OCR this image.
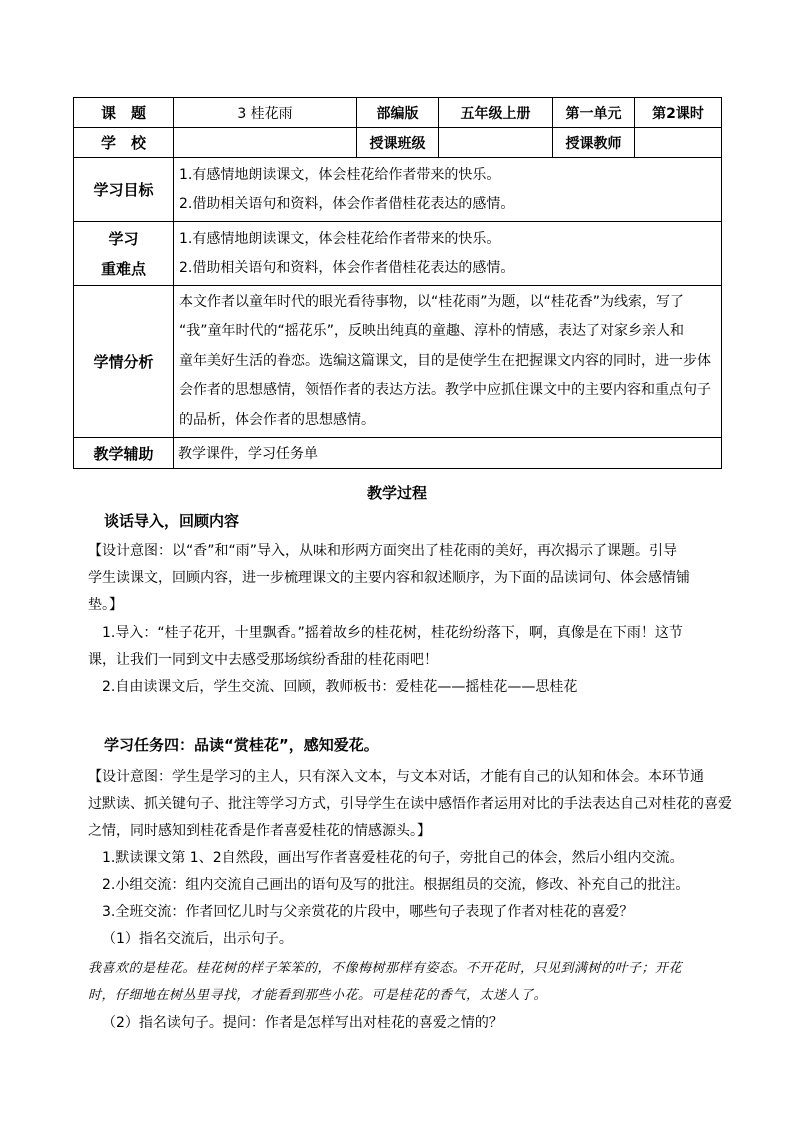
课　题	3 桂花雨	部编版	五年级上册	第一单元	第2课时
学　校		授课班级		授课教师	
学习目标	1.有感情地朗读课文，体会桂花给作者带来的快乐。
2.借助相关语句和资料，体会作者借桂花表达的感情。				

学习
重难点	1.有感情地朗读课文，体会桂花给作者带来的快乐。
2.借助相关语句和资料，体会作者借桂花表达的感情。				

学情分析	本文作者以童年时代的眼光看待事物，以“桂花雨”为题，以“桂花香”为线索，写了
“我”童年时代的“摇花乐”，反映出纯真的童趣、淳朴的情感，表达了对家乡亲人和
童年美好生活的眷恋。选编这篇课文，目的是使学生在把握课文内容的同时，进一步体
会作者的思想感情，领悟作者的表达方法。教学中应抓住课文中的主要内容和重点句子
的品析，体会作者的思想感情。				

教学辅助	教学课件，学习任务单				
教学过程
谈话导入，回顾内容
【设计意图：以“香”和“雨”导入，从味和形两方面突出了桂花雨的美好，再次揭示了课题。引导
学生读课文，回顾内容，进一步梳理课文的主要内容和叙述顺序，为下面的品读词句、体会感情铺
垫。】
1.导入：“桂子花开，十里飘香。”摇着故乡的桂花树，桂花纷纷落下，啊，真像是在下雨！这节
课，让我们一同到文中去感受那场缤纷香甜的桂花雨吧！
2.自由读课文后，学生交流、回顾，教师板书：爱桂花——摇桂花——思桂花
学习任务四：品读“赏桂花”，感知爱花。
【设计意图：学生是学习的主人，只有深入文本，与文本对话，才能有自己的认知和体会。本环节通
过默读、抓关键句子、批注等学习方式，引导学生在读中感悟作者运用对比的手法表达自己对桂花的喜爱
之情，同时感知到桂花香是作者喜爱桂花的情感源头。】
1.默读课文第 1、2自然段，画出写作者喜爱桂花的句子，旁批自己的体会，然后小组内交流。
2.小组交流：组内交流自己画出的语句及写的批注。根据组员的交流，修改、补充自己的批注。
3.全班交流：作者回忆儿时与父亲赏花的片段中，哪些句子表现了作者对桂花的喜爱？
（1）指名交流后，出示句子。
我喜欢的是桂花。桂花树的样子笨笨的，不像梅树那样有姿态。不开花时，只见到满树的叶子；开花
时，仔细地在树丛里寻找，才能看到那些小花。可是桂花的香气，太迷人了。
（2）指名读句子。提问：作者是怎样写出对桂花的喜爱之情的？
